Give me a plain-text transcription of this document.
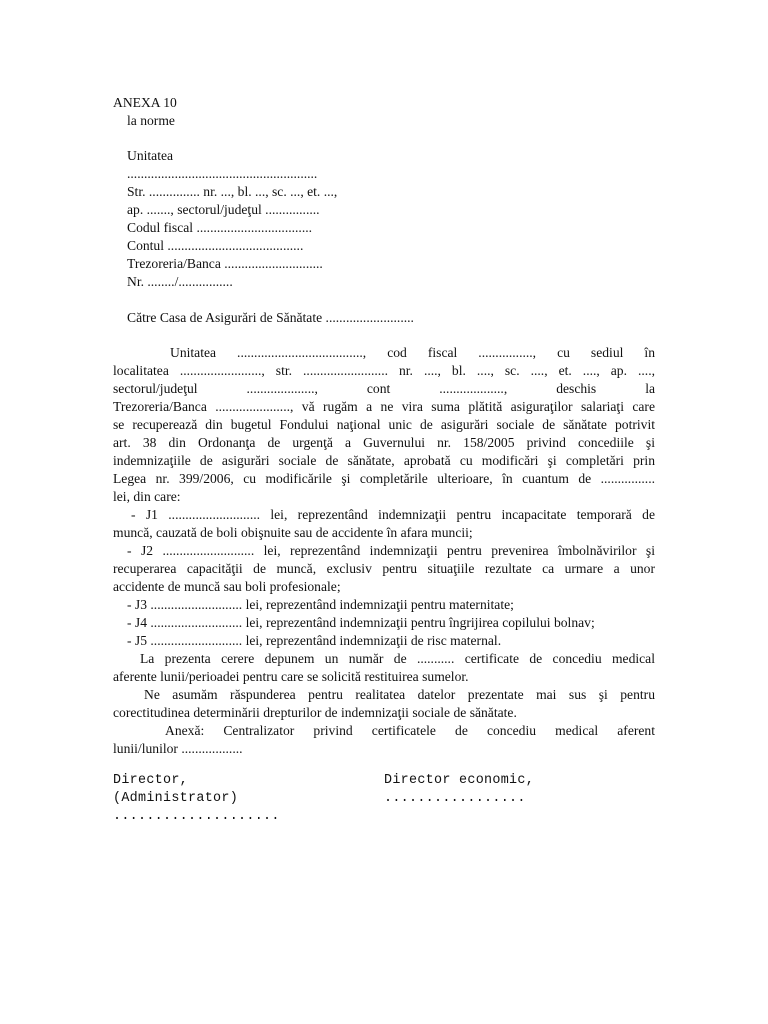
ANEXA 10
la norme
Unitatea
........................................................
Str. ............... nr. ..., bl. ..., sc. ..., et. ...,
ap. ......., sectorul/judeţul ................
Codul fiscal ..................................
Contul ........................................
Trezoreria/Banca .............................
Nr. ......../................
Către Casa de Asigurări de Sănătate ..........................
Unitatea ....................................., cod fiscal ................, cu sediul în
localitatea ........................, str. ......................... nr. ...., bl. ...., sc. ...., et. ...., ap. ....,
sectorul/judeţul ...................., cont ..................., deschis la
Trezoreria/Banca ......................, vă rugăm a ne vira suma plătită asiguraţilor salariaţi care
se recuperează din bugetul Fondului naţional unic de asigurări sociale de sănătate potrivit
art. 38 din Ordonanţa de urgenţă a Guvernului nr. 158/2005 privind concediile şi
indemnizaţiile de asigurări sociale de sănătate, aprobată cu modificări şi completări prin
Legea nr. 399/2006, cu modificările şi completările ulterioare, în cuantum de ................
lei, din care:
- J1 ........................... lei, reprezentând indemnizaţii pentru incapacitate temporară de
muncă, cauzată de boli obişnuite sau de accidente în afara muncii;
- J2 ........................... lei, reprezentând indemnizaţii pentru prevenirea îmbolnăvirilor şi
recuperarea capacităţii de muncă, exclusiv pentru situaţiile rezultate ca urmare a unor
accidente de muncă sau boli profesionale;
- J3 ........................... lei, reprezentând indemnizaţii pentru maternitate;
- J4 ........................... lei, reprezentând indemnizaţii pentru îngrijirea copilului bolnav;
- J5 ........................... lei, reprezentând indemnizaţii de risc maternal.
La prezenta cerere depunem un număr de ........... certificate de concediu medical
aferente lunii/perioadei pentru care se solicită restituirea sumelor.
Ne asumăm răspunderea pentru realitatea datelor prezentate mai sus şi pentru
corectitudinea determinării drepturilor de indemnizaţii sociale de sănătate.
Anexă: Centralizator privind certificatele de concediu medical aferent
lunii/lunilor ..................
Director,
(Administrator)
....................
Director economic,
.................
